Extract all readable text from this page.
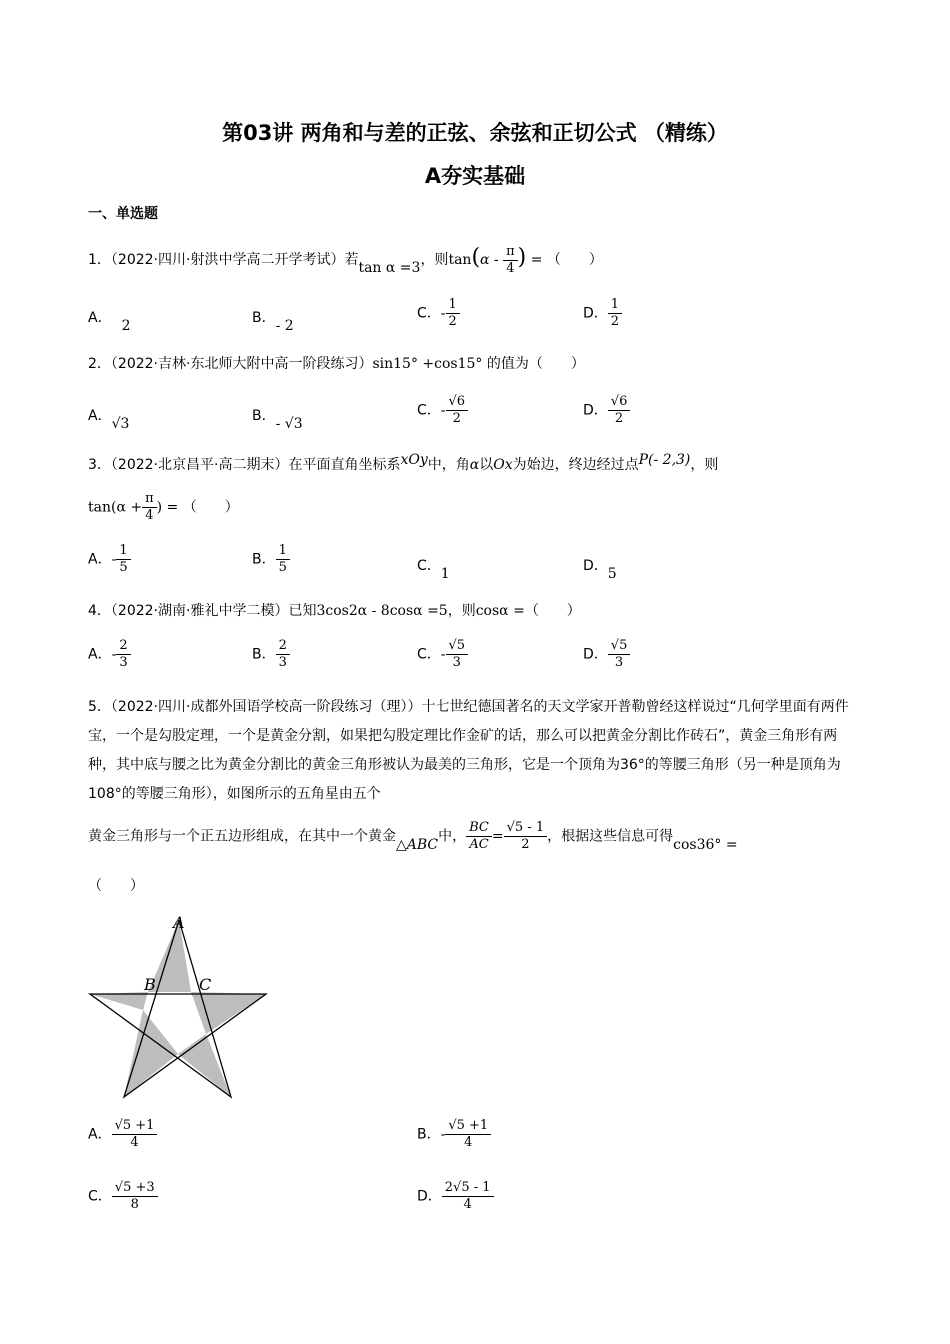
第03讲 两角和与差的正弦、余弦和正切公式 （精练）
A夯实基础
一、单选题
1．（2022·四川·射洪中学高二开学考试）若tan α =3，则$\tan(\alpha - \frac{\pi}{4}$ ) = （　　）
A． 2	B．- 2
C．- $\frac{1}{2}$	D． $\frac{1}{2}$
2．（2022·吉林·东北师大附中高一阶段练习）sin15° +cos15° 的值为（　　）
A．√3	B．- √3
C．- $\frac{√6}{2}$	D． $\frac{√6}{2}$
3．（2022·北京昌平·高二期末）在平面直角坐标系xOy中，角α以Ox为始边，终边经过点P(- 2,3)，则
$\tan(\alpha + \frac{\pi}{4}$ ) = （　　）
A．- $\frac{1}{5}$	B． $\frac{1}{5}$	C．1	D．5
4．（2022·湖南·雅礼中学二模）已知3cos2α - 8cosα =5，则cosα =（　　）
A．- $\frac{2}{3}$	B． $\frac{2}{3}$	C．- $\frac{√5}{3}$	D． $\frac{√5}{3}$
5．（2022·四川·成都外国语学校高一阶段练习（理））十七世纪德国著名的天文学家开普勒曾经这样说过“几何学里面有两件宝，一个是勾股定理，一个是黄金分割，如果把勾股定理比作金矿的话，那么可以把黄金分割比作砖石”，黄金三角形有两种，其中底与腰之比为黄金分割比的黄金三角形被认为最美的三角形，它是一个顶角为36°的等腰三角形（另一种是顶角为108°的等腰三角形），如图所示的五角星由五个
黄金三角形与一个正五边形组成，在其中一个黄金△ABC中， $\frac{BC}{AC} = \frac{√5 - 1}{2}$ ，根据这些信息可得cos36° =
（　　）
A
B	C
A． $\frac{√5 +1}{4}$	B．- $\frac{√5 +1}{4}$
C． $\frac{√5 +3}{8}$	D． $\frac{2√5 - 1}{4}$
